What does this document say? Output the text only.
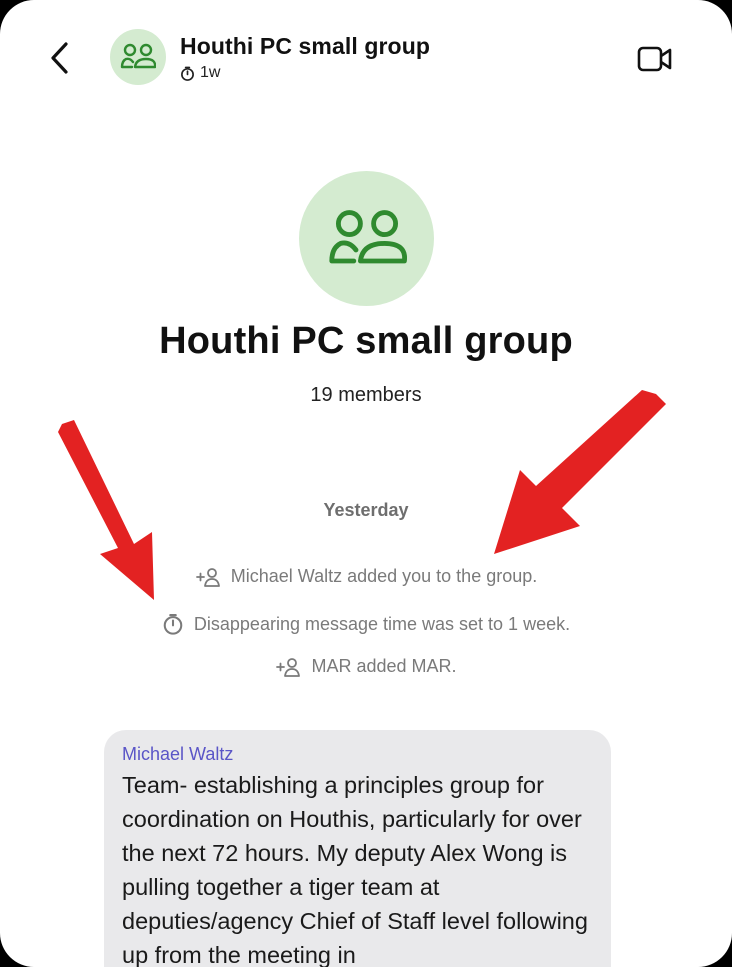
Houthi PC small group
1w
Houthi PC small group
19 members
Yesterday
Michael Waltz added you to the group.
Disappearing message time was set to 1 week.
MAR added MAR.
Michael Waltz
Team- establishing a principles group for coordination on Houthis, particularly for over the next 72 hours. My deputy Alex Wong is pulling together a tiger team at deputies/agency Chief of Staff level following up from the meeting in
